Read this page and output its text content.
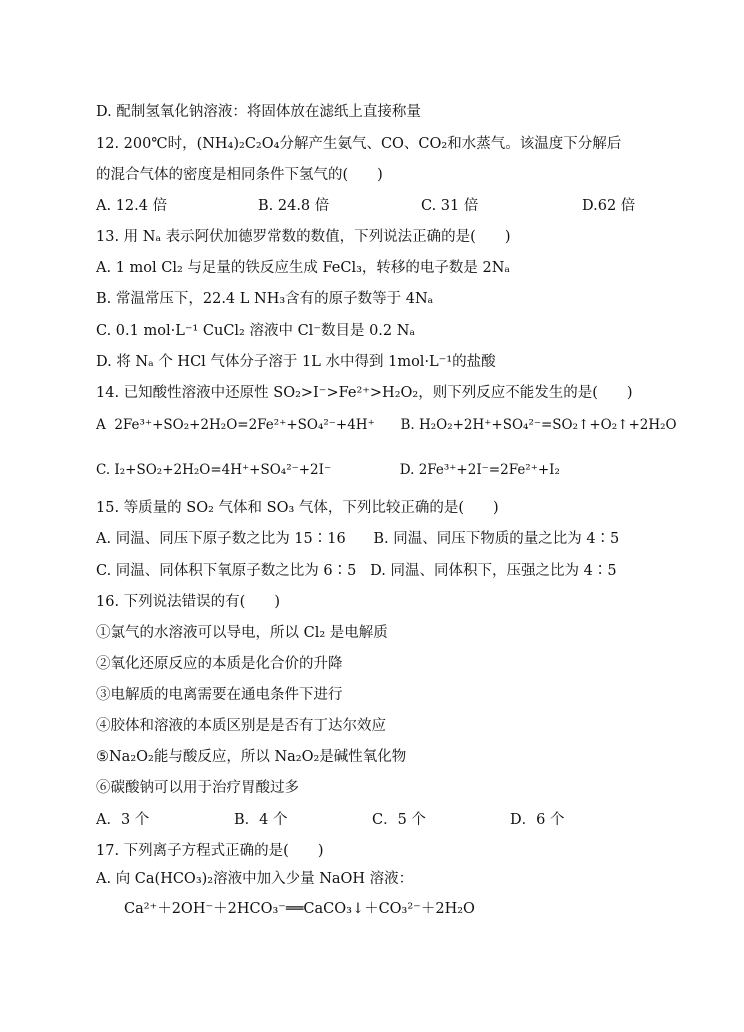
D. 配制氢氧化钠溶液：将固体放在滤纸上直接称量
12. 200℃时，(NH₄)₂C₂O₄分解产生氨气、CO、CO₂和水蒸气。该温度下分解后
的混合气体的密度是相同条件下氢气的(　　)
A. 12.4 倍	B. 24.8 倍	C. 31 倍	D.62 倍
13. 用 Nₐ 表示阿伏加德罗常数的数值，下列说法正确的是(　　)
A. 1 mol Cl₂ 与足量的铁反应生成 FeCl₃，转移的电子数是 2Nₐ
B. 常温常压下，22.4 L NH₃含有的原子数等于 4Nₐ
C. 0.1 mol·L⁻¹ CuCl₂ 溶液中 Cl⁻数目是 0.2 Nₐ
D. 将 Nₐ 个 HCl 气体分子溶于 1L 水中得到 1mol·L⁻¹的盐酸
14. 已知酸性溶液中还原性 SO₂>I⁻>Fe²⁺>H₂O₂，则下列反应不能发生的是(　　)
A  2Fe³⁺+SO₂+2H₂O=2Fe²⁺+SO₄²⁻+4H⁺      B. H₂O₂+2H⁺+SO₄²⁻=SO₂↑+O₂↑+2H₂O
C. I₂+SO₂+2H₂O=4H⁺+SO₄²⁻+2I⁻                D. 2Fe³⁺+2I⁻=2Fe²⁺+I₂
15. 等质量的 SO₂ 气体和 SO₃ 气体，下列比较正确的是(　　)
A. 同温、同压下原子数之比为 15∶16      B. 同温、同压下物质的量之比为 4∶5
C. 同温、同体积下氧原子数之比为 6∶5   D. 同温、同体积下，压强之比为 4∶5
16. 下列说法错误的有(　　)
①氯气的水溶液可以导电，所以 Cl₂ 是电解质
②氧化还原反应的本质是化合价的升降
③电解质的电离需要在通电条件下进行
④胶体和溶液的本质区别是是否有丁达尔效应
⑤Na₂O₂能与酸反应，所以 Na₂O₂是碱性氧化物
⑥碳酸钠可以用于治疗胃酸过多
A．3 个	B．4 个	C．5 个	D．6 个
17. 下列离子方程式正确的是(　　)
A. 向 Ca(HCO₃)₂溶液中加入少量 NaOH 溶液：
Ca²⁺＋2OH⁻＋2HCO₃⁻══CaCO₃↓＋CO₃²⁻＋2H₂O
